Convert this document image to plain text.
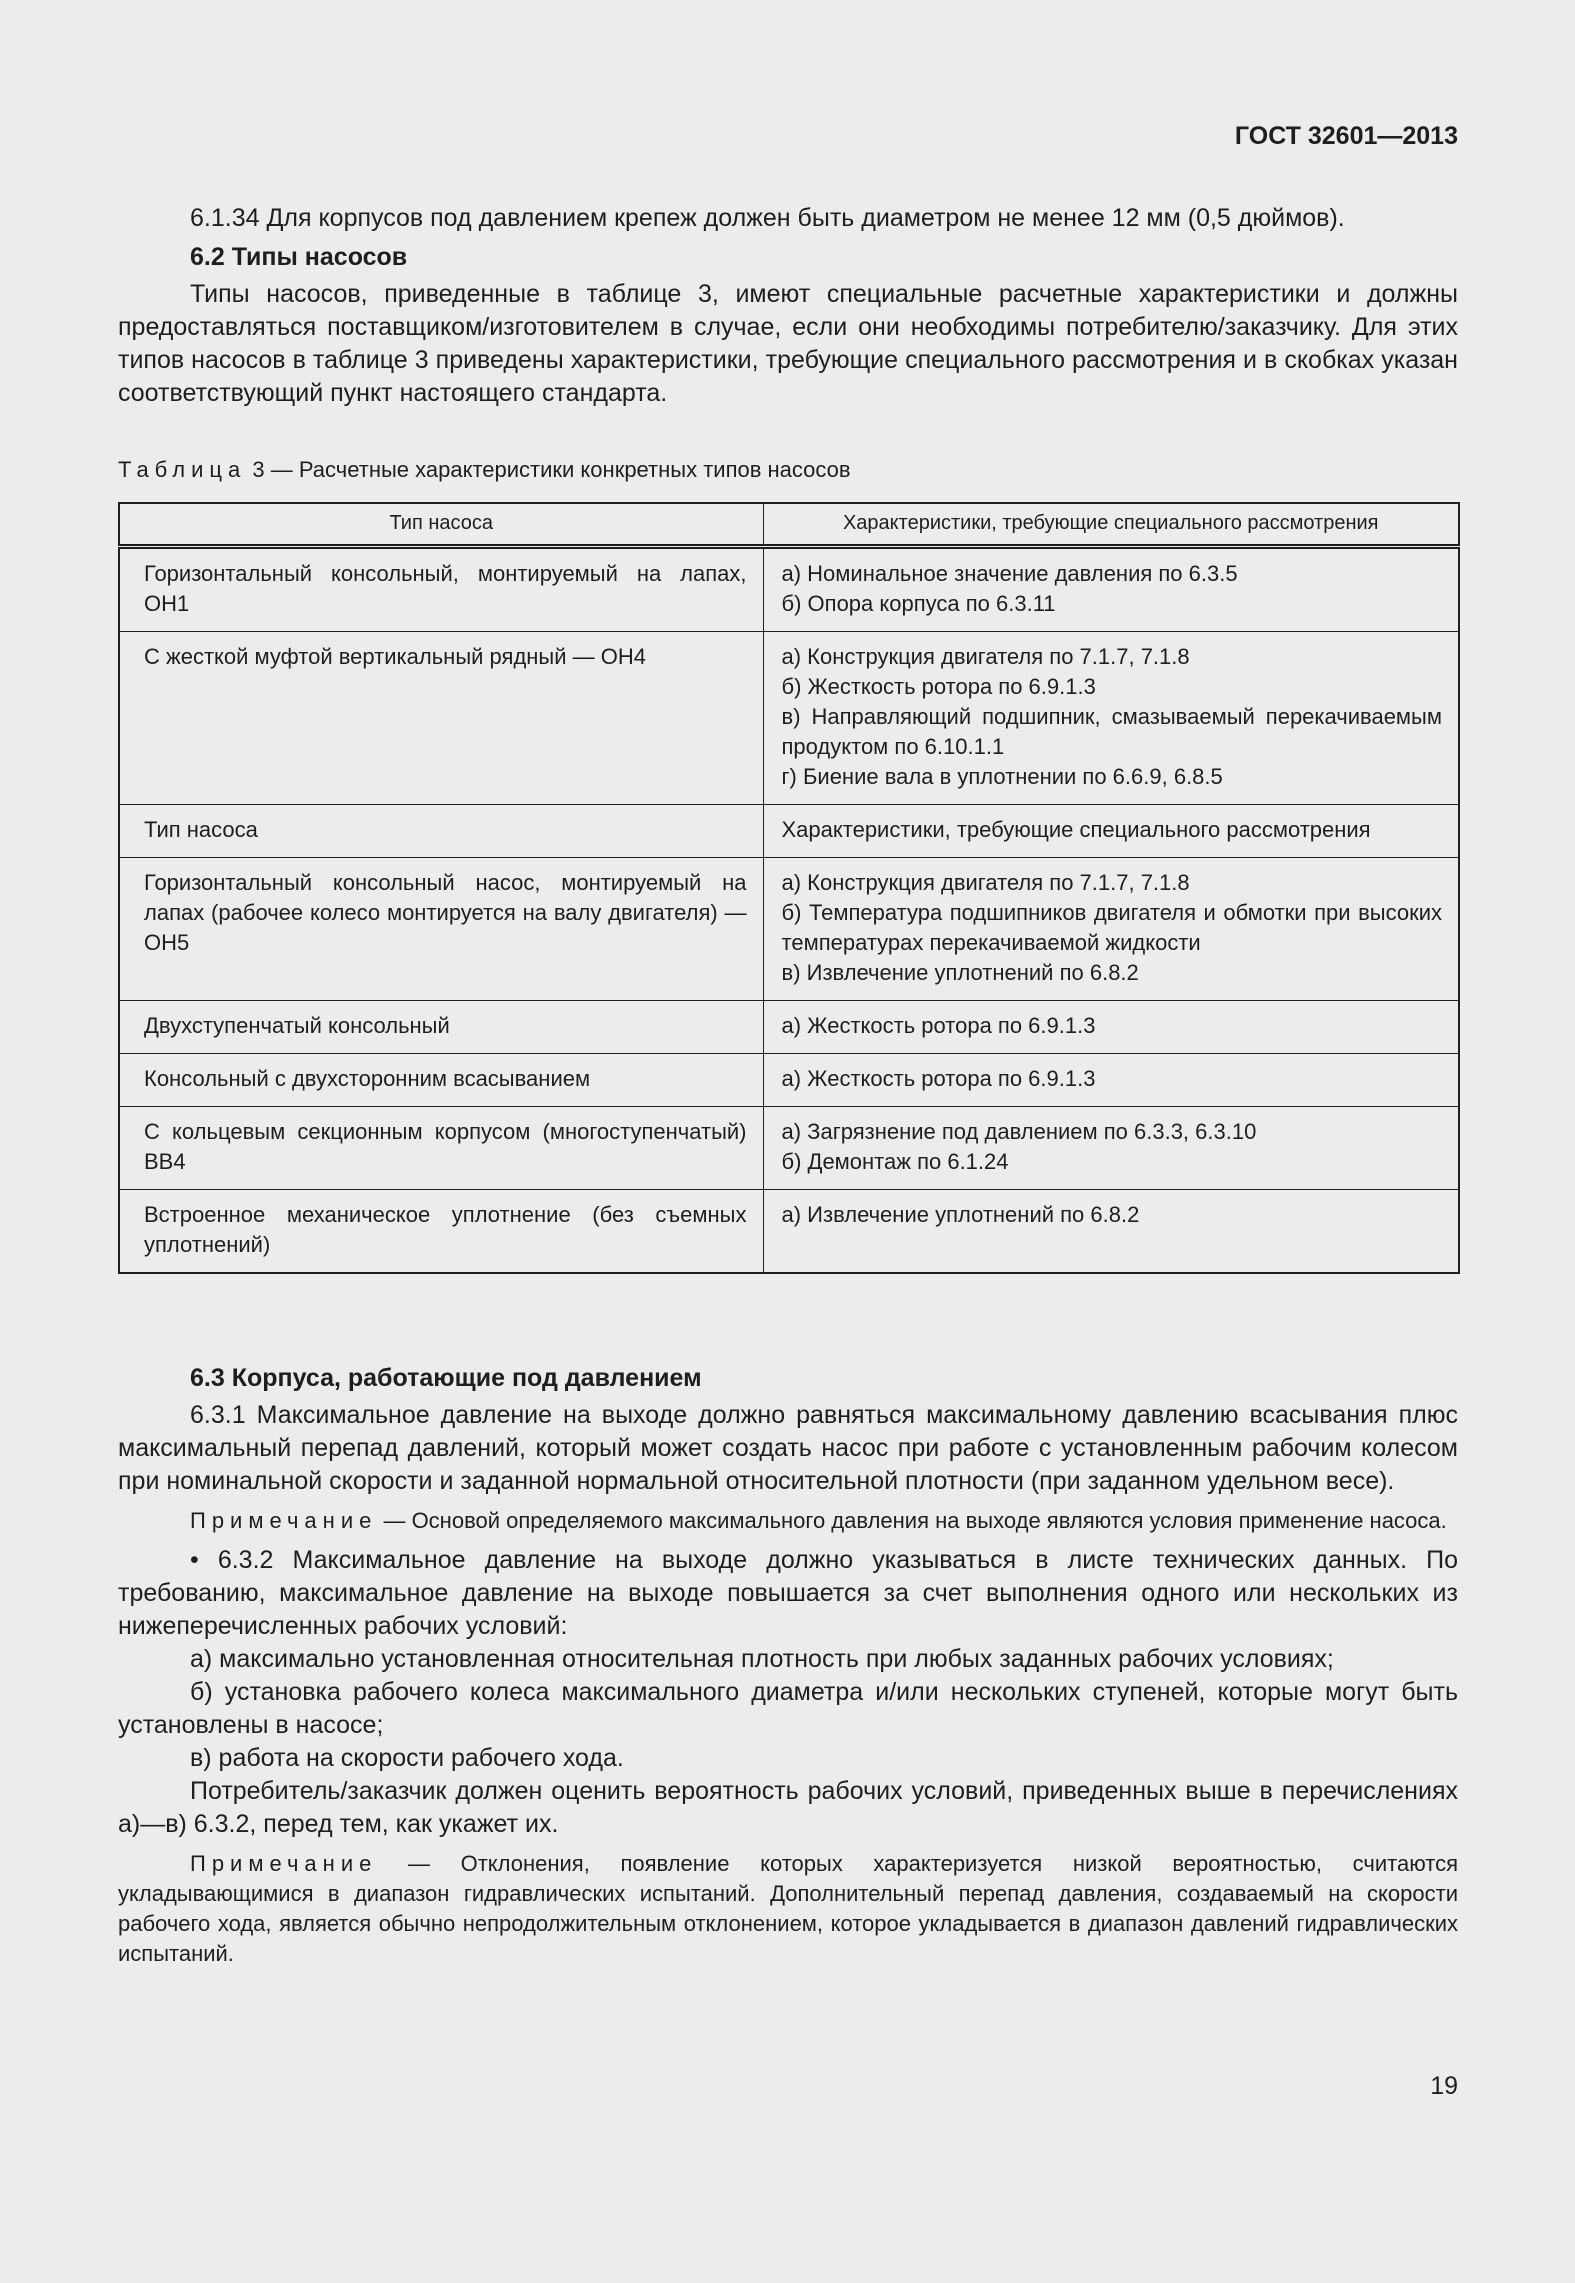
ГОСТ 32601—2013

6.1.34 Для корпусов под давлением крепеж должен быть диаметром не менее 12 мм (0,5 дюймов).

6.2 Типы насосов

Типы насосов, приведенные в таблице 3, имеют специальные расчетные характеристики и должны предоставляться поставщиком/изготовителем в случае, если они необходимы потребителю/заказчику. Для этих типов насосов в таблице 3 приведены характеристики, требующие специального рассмотрения и в скобках указан соответствующий пункт настоящего стандарта.

Таблица 3 — Расчетные характеристики конкретных типов насосов

Тип насоса	Характеристики, требующие специального рассмотрения
Горизонтальный консольный, монтируемый на лапах, ОН1	а) Номинальное значение давления по 6.3.5
б) Опора корпуса по 6.3.11

С жесткой муфтой вертикальный рядный — ОН4	а) Конструкция двигателя по 7.1.7, 7.1.8
б) Жесткость ротора по 6.9.1.3
в) Направляющий подшипник, смазываемый перекачиваемым продуктом по 6.10.1.1
г) Биение вала в уплотнении по 6.6.9, 6.8.5

Тип насоса	Характеристики, требующие специального рассмотрения

Горизонтальный консольный насос, монтируемый на лапах (рабочее колесо монтируется на валу двигателя) — ОН5	а) Конструкция двигателя по 7.1.7, 7.1.8
б) Температура подшипников двигателя и обмотки при высоких температурах перекачиваемой жидкости
в) Извлечение уплотнений по 6.8.2

Двухступенчатый консольный	а) Жесткость ротора по 6.9.1.3

Консольный с двухсторонним всасыванием	а) Жесткость ротора по 6.9.1.3

С кольцевым секционным корпусом (многоступенчатый) ВВ4	а) Загрязнение под давлением по 6.3.3, 6.3.10
б) Демонтаж по 6.1.24

Встроенное механическое уплотнение (без съемных уплотнений)	а) Извлечение уплотнений по 6.8.2

6.3 Корпуса, работающие под давлением

6.3.1 Максимальное давление на выходе должно равняться максимальному давлению всасывания плюс максимальный перепад давлений, который может создать насос при работе с установленным рабочим колесом при номинальной скорости и заданной нормальной относительной плотности (при заданном удельном весе).

Примечание — Основой определяемого максимального давления на выходе являются условия применение насоса.

• 6.3.2 Максимальное давление на выходе должно указываться в листе технических данных. По требованию, максимальное давление на выходе повышается за счет выполнения одного или нескольких из нижеперечисленных рабочих условий:

а) максимально установленная относительная плотность при любых заданных рабочих условиях;

б) установка рабочего колеса максимального диаметра и/или нескольких ступеней, которые могут быть установлены в насосе;

в) работа на скорости рабочего хода.

Потребитель/заказчик должен оценить вероятность рабочих условий, приведенных выше в перечислениях а)—в) 6.3.2, перед тем, как укажет их.

Примечание — Отклонения, появление которых характеризуется низкой вероятностью, считаются укладывающимися в диапазон гидравлических испытаний. Дополнительный перепад давления, создаваемый на скорости рабочего хода, является обычно непродолжительным отклонением, которое укладывается в диапазон давлений гидравлических испытаний.

19
